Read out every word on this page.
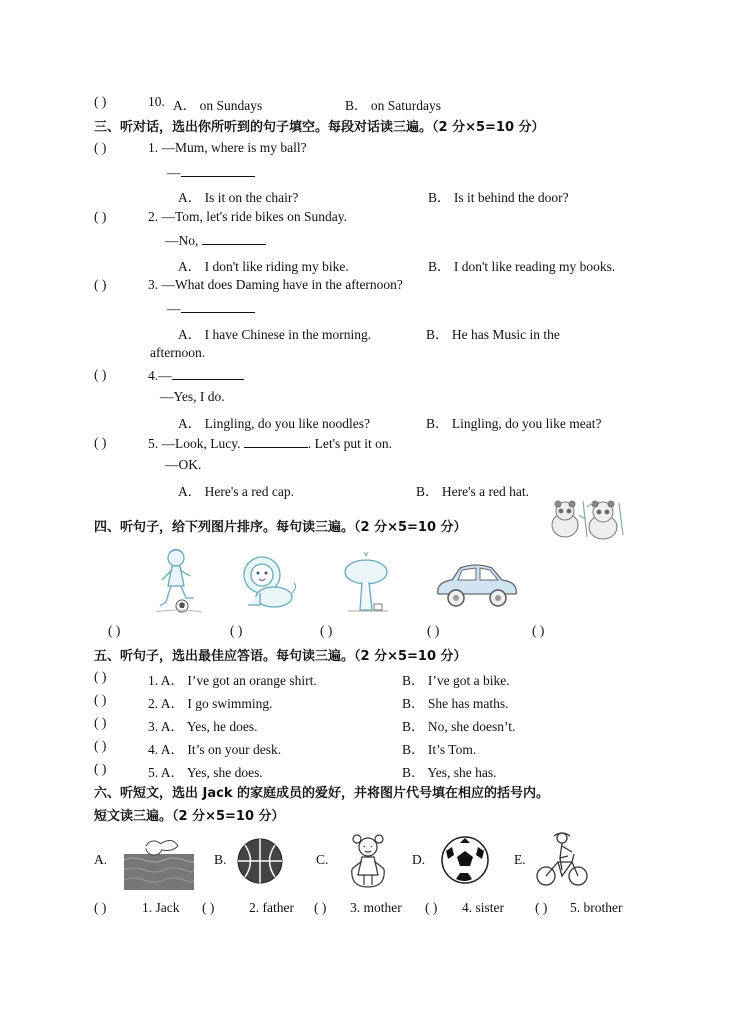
( )	10. A． on Sundays	B． on Saturdays
三、听对话，选出你所听到的句子填空。每段对话读三遍。（2 分×5=10 分）
( )	1. —Mum, where is my ball?
—
A． Is it on the chair?	B． Is it behind the door?
( )	2. —Tom, let's ride bikes on Sunday.
—No,
A． I don't like riding my bike.	B． I don't like reading my books.
( )	3. —What does Daming have in the afternoon?
—
A． I have Chinese in the morning.	B． He has Music in the
afternoon.
( )	4.—
—Yes, I do.
A． Lingling, do you like noodles?	B． Lingling, do you like meat?
( )	5. —Look, Lucy.	. Let's put it on.
—OK.
A． Here's a red cap.	B． Here's a red hat.
四、听句子，给下列图片排序。每句读三遍。（2 分×5=10 分）
( )	( )	( )	( )	( )
五、听句子，选出最佳应答语。每句读三遍。（2 分×5=10 分）
( )	1. A． I’ve got an orange shirt.	B． I’ve got a bike.
( )	2. A． I go swimming.	B． She has maths.
( )	3. A． Yes, he does.	B． No, she doesn’t.
( )	4. A． It’s on your desk.	B． It’s Tom.
( )	5. A． Yes, she does.	B． Yes, she has.
六、听短文，选出 Jack 的家庭成员的爱好，并将图片代号填在相应的括号内。
短文读三遍。（2 分×5=10 分）
A.	B.	C.	D.	E.
( )	1. Jack ( )	2. father ( ) 3. mother ( ) 4. sister ( ) 5. brother
